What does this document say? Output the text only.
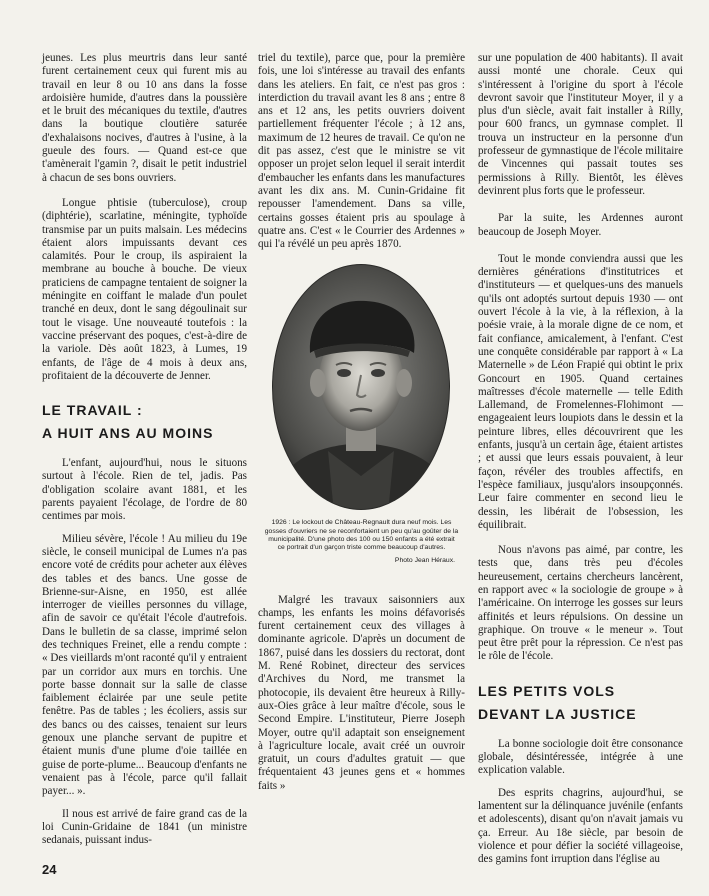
jeunes. Les plus meurtris dans leur santé furent certainement ceux qui furent mis au travail en leur 8 ou 10 ans dans la fosse ardoisière humide, d'autres dans la poussière et le bruit des mécaniques du textile, d'autres dans la boutique cloutière saturée d'exhalaisons nocives, d'autres à l'usine, à la gueule des fours. — Quand est-ce que t'amènerait l'gamin ?, disait le petit industriel à chacun de ses bons ouvriers.

Longue phtisie (tuberculose), croup (diphtérie), scarlatine, méningite, typhoïde transmise par un puits malsain. Les médecins étaient alors impuissants devant ces calamités. Pour le croup, ils aspiraient la membrane au bouche à bouche. De vieux praticiens de campagne tentaient de soigner la méningite en coiffant le malade d'un poulet tranché en deux, dont le sang dégoulinait sur tout le visage. Une nouveauté toutefois : la vaccine préservant des poques, c'est-à-dire de la variole. Dès août 1823, à Lumes, 19 enfants, de l'âge de 4 mois à deux ans, profitaient de la découverte de Jenner.

LE TRAVAIL :
A HUIT ANS AU MOINS

L'enfant, aujourd'hui, nous le situons surtout à l'école. Rien de tel, jadis. Pas d'obligation scolaire avant 1881, et les parents payaient l'écolage, de l'ordre de 80 centimes par mois.

Milieu sévère, l'école ! Au milieu du 19e siècle, le conseil municipal de Lumes n'a pas encore voté de crédits pour acheter aux élèves des tables et des bancs. Une gosse de Brienne-sur-Aisne, en 1950, est allée interroger de vieilles personnes du village, afin de savoir ce qu'était l'école d'autrefois. Dans le bulletin de sa classe, imprimé selon des techniques Freinet, elle a rendu compte : « Des vieillards m'ont raconté qu'il y entraient par un corridor aux murs en torchis. Une porte basse donnait sur la salle de classe faiblement éclairée par une seule petite fenêtre. Pas de tables ; les écoliers, assis sur des bancs ou des caisses, tenaient sur leurs genoux une planche servant de pupitre et étaient munis d'une plume d'oie taillée en guise de porte-plume... Beaucoup d'enfants ne venaient pas à l'école, parce qu'il fallait payer... ».

Il nous est arrivé de faire grand cas de la loi Cunin-Gridaine de 1841 (un ministre sedanais, puissant indus-

triel du textile), parce que, pour la première fois, une loi s'intéresse au travail des enfants dans les ateliers. En fait, ce n'est pas gros : interdiction du travail avant les 8 ans ; entre 8 ans et 12 ans, les petits ouvriers doivent partiellement fréquenter l'école ; à 12 ans, maximum de 12 heures de travail. Ce qu'on ne dit pas assez, c'est que le ministre se vit opposer un projet selon lequel il serait interdit d'embaucher les enfants dans les manufactures avant les dix ans. M. Cunin-Gridaine fit repousser l'amendement. Dans sa ville, certains gosses étaient pris au spoulage à quatre ans. C'est « le Courrier des Ardennes » qui l'a révélé un peu après 1870.

1926 : Le lockout de Château-Regnault dura neuf mois. Les gosses d'ouvriers ne se reconfortaient un peu qu'au goûter de la municipalité. D'une photo des 100 ou 150 enfants a été extrait ce portrait d'un garçon triste comme beaucoup d'autres.
Photo Jean Héraux.

Malgré les travaux saisonniers aux champs, les enfants les moins défavorisés furent certainement ceux des villages à dominante agricole. D'après un document de 1867, puisé dans les dossiers du rectorat, dont M. René Robinet, directeur des services d'Archives du Nord, me transmet la photocopie, ils devaient être heureux à Rilly-aux-Oies grâce à leur maître d'école, sous le Second Empire. L'instituteur, Pierre Joseph Moyer, outre qu'il adaptait son enseignement à l'agriculture locale, avait créé un ouvroir gratuit, un cours d'adultes gratuit — que fréquentaient 43 jeunes gens et « hommes faits »

sur une population de 400 habitants). Il avait aussi monté une chorale. Ceux qui s'intéressent à l'origine du sport à l'école devront savoir que l'instituteur Moyer, il y a plus d'un siècle, avait fait installer à Rilly, pour 600 francs, un gymnase complet. Il trouva un instructeur en la personne d'un professeur de gymnastique de l'école militaire de Vincennes qui passait toutes ses permissions à Rilly. Bientôt, les élèves devinrent plus forts que le professeur.

Par la suite, les Ardennes auront beaucoup de Joseph Moyer.

Tout le monde conviendra aussi que les dernières générations d'institutrices et d'instituteurs — et quelques-uns des manuels qu'ils ont adoptés surtout depuis 1930 — ont ouvert l'école à la vie, à la réflexion, à la poésie vraie, à la morale digne de ce nom, et fait confiance, amicalement, à l'enfant. C'est une conquête considérable par rapport à « La Maternelle » de Léon Frapié qui obtint le prix Goncourt en 1905. Quand certaines maîtresses d'école maternelle — telle Edith Lallemand, de Fromelennes-Flohimont — engageaient leurs loupiots dans le dessin et la peinture libres, elles découvrirent que les enfants, jusqu'à un certain âge, étaient artistes ; et aussi que leurs essais pouvaient, à leur façon, révéler des troubles affectifs, en l'espèce familiaux, jusqu'alors insoupçonnés. Leur faire commenter en second lieu le dessin, les libérait de l'obsession, les équilibrait.

Nous n'avons pas aimé, par contre, les tests que, dans très peu d'écoles heureusement, certains chercheurs lancèrent, en rapport avec « la sociologie de groupe » à l'américaine. On interroge les gosses sur leurs affinités et leurs répulsions. On dessine un graphique. On trouve « le meneur ». Tout peut être prêt pour la répression. Ce n'est pas le rôle de l'école.

LES PETITS VOLS
DEVANT LA JUSTICE

La bonne sociologie doit être consonance globale, désintéressée, intégrée à une explication valable.

Des esprits chagrins, aujourd'hui, se lamentent sur la délinquance juvénile (enfants et adolescents), disant qu'on n'avait jamais vu ça. Erreur. Au 18e siècle, par besoin de violence et pour défier la société villageoise, des gamins font irruption dans l'église au

24
